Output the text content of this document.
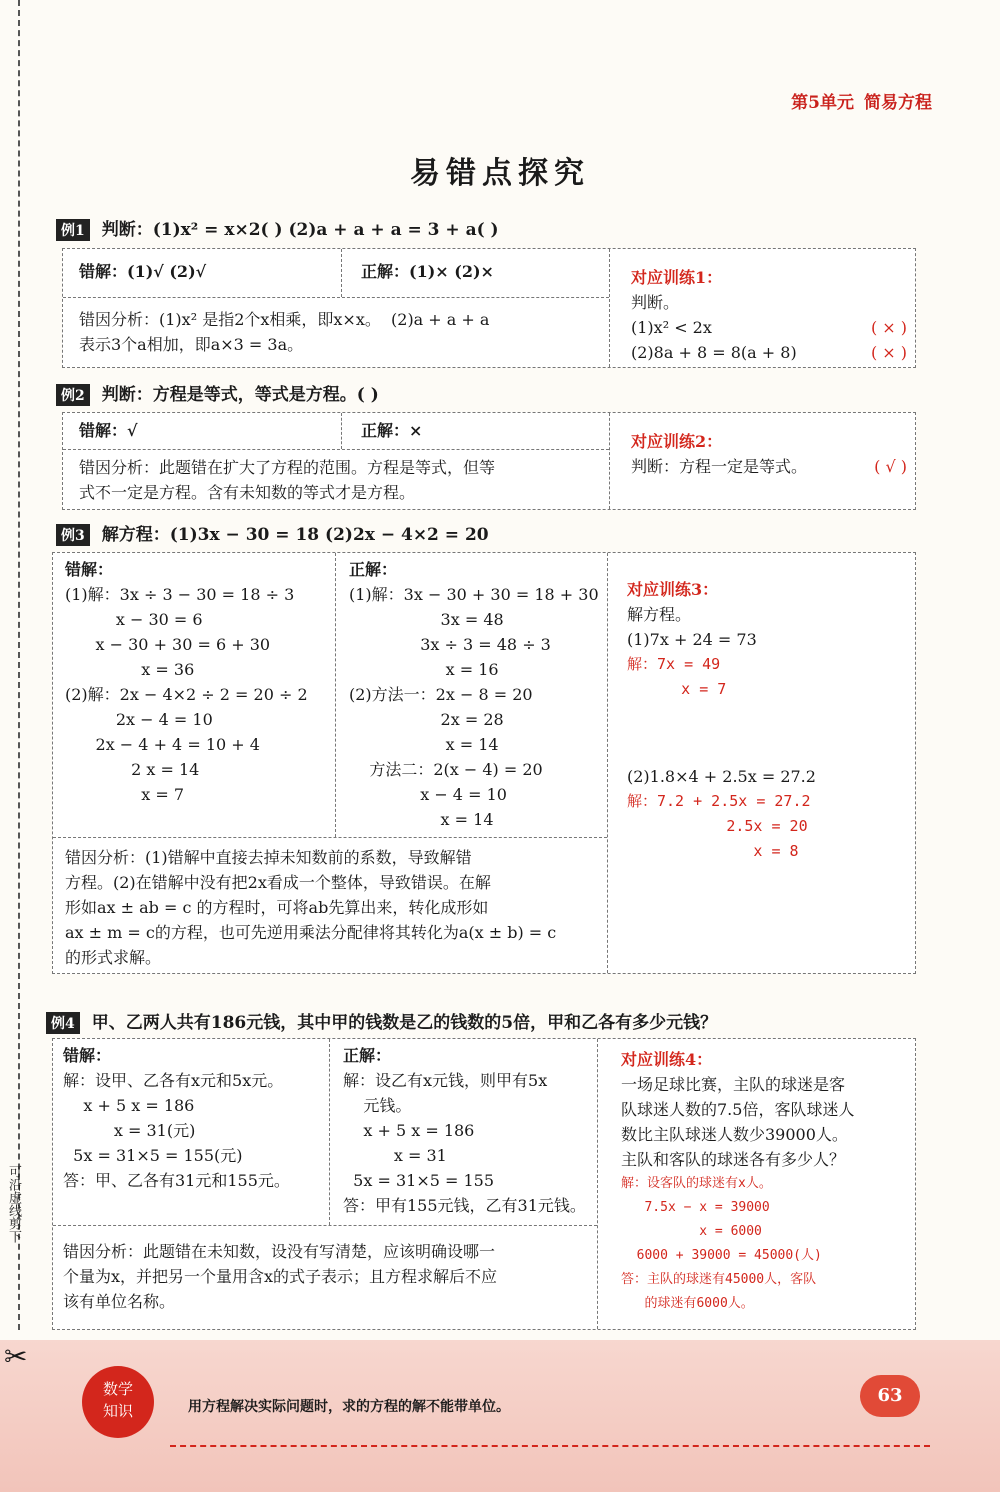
可沿虚线剪下
第5单元 简易方程
易错点探究
例1 判断：(1)x² = x×2( ) (2)a + a + a = 3 + a( )
错解：(1)√ (2)√	正解：(1)× (2)×
错因分析：(1)x² 是指2个x相乘，即x×x。  (2)a + a + a
表示3个a相加，即a×3 = 3a。
对应训练1：
判断。
(1)x² < 2x	( × )
(2)8a + 8 = 8(a + 8)	( × )
例2 判断：方程是等式，等式是方程。( )
错解：√	正解：×
错因分析：此题错在扩大了方程的范围。方程是等式，但等
式不一定是方程。含有未知数的等式才是方程。
对应训练2：
判断：方程一定是等式。	( √ )
例3 解方程：(1)3x − 30 = 18 (2)2x − 4×2 = 20
错解：
(1)解：3x ÷ 3 − 30 = 18 ÷ 3
x − 30 = 6
x − 30 + 30 = 6 + 30
x = 36
(2)解：2x − 4×2 ÷ 2 = 20 ÷ 2
2x − 4 = 10
2x − 4 + 4 = 10 + 4
2 x = 14
x = 7
正解：
(1)解：3x − 30 + 30 = 18 + 30
3x = 48
3x ÷ 3 = 48 ÷ 3
x = 16
(2)方法一：2x − 8 = 20
2x = 28
x = 14
方法二：2(x − 4) = 20
x − 4 = 10
x = 14
错因分析：(1)错解中直接去掉未知数前的系数，导致解错
方程。(2)在错解中没有把2x看成一个整体，导致错误。在解
形如ax ± ab = c 的方程时，可将ab先算出来，转化成形如
ax ± m = c的方程，也可先逆用乘法分配律将其转化为a(x ± b) = c
的形式求解。
对应训练3：
解方程。
(1)7x + 24 = 73
解：7x = 49
x = 7
(2)1.8×4 + 2.5x = 27.2
解：7.2 + 2.5x = 27.2
2.5x = 20
x = 8
例4 甲、乙两人共有186元钱，其中甲的钱数是乙的钱数的5倍，甲和乙各有多少元钱？
错解：
解：设甲、乙各有x元和5x元。
x + 5 x = 186
x = 31(元)
5x = 31×5 = 155(元)
答：甲、乙各有31元和155元。
正解：
解：设乙有x元钱，则甲有5x
元钱。
x + 5 x = 186
x = 31
5x = 31×5 = 155
答：甲有155元钱，乙有31元钱。
错因分析：此题错在未知数，设没有写清楚，应该明确设哪一
个量为x，并把另一个量用含x的式子表示；且方程求解后不应
该有单位名称。
对应训练4：
一场足球比赛，主队的球迷是客
队球迷人数的7.5倍，客队球迷人
数比主队球迷人数少39000人。
主队和客队的球迷各有多少人？
解：设客队的球迷有x人。
7.5x − x = 39000
x = 6000
6000 + 39000 = 45000(人)
答：主队的球迷有45000人，客队
的球迷有6000人。
✂
数学
知识	用方程解决实际问题时，求的方程的解不能带单位。
63
